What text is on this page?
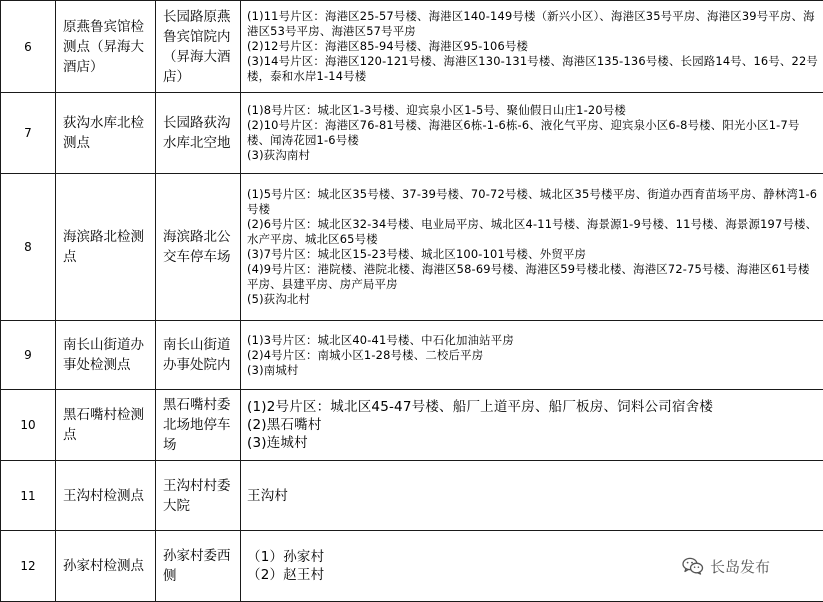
6	原燕鲁宾馆检测点（昇海大酒店）	长园路原燕鲁宾馆院内（昇海大酒店）	(1)11号片区：海港区25-57号楼、海港区140-149号楼（新兴小区）、海港区35号平房、海港区39号平房、海港区53号平房、海港区57号平房
(2)12号片区：海港区85-94号楼、海港区95-106号楼
(3)14号片区：海港区120-121号楼、海港区130-131号楼、海港区135-136号楼、长园路14号、16号、22号楼，泰和水岸1-14号楼

7	荻沟水库北检测点	长园路荻沟水库北空地	(1)8号片区：城北区1-3号楼、迎宾泉小区1-5号、聚仙假日山庄1-20号楼
(2)10号片区：海港区76-81号楼、海港区6栋-1-6栋-6、液化气平房、迎宾泉小区6-8号楼、阳光小区1-7号楼、闻涛花园1-6号楼
(3)荻沟南村

8	海滨路北检测点	海滨路北公交车停车场	(1)5号片区：城北区35号楼、37-39号楼、70-72号楼、城北区35号楼平房、街道办西育苗场平房、静林湾1-6号楼
(2)6号片区：城北区32-34号楼、电业局平房、城北区4-11号楼、海景源1-9号楼、11号楼、海景源197号楼、水产平房、城北区65号楼
(3)7号片区：城北区15-23号楼、城北区100-101号楼、外贸平房
(4)9号片区：港院楼、港院北楼、海港区58-69号楼、海港区59号楼北楼、海港区72-75号楼、海港区61号楼平房、县建平房、房产局平房
(5)荻沟北村

9	南长山街道办事处检测点	南长山街道办事处院内	(1)3号片区：城北区40-41号楼、中石化加油站平房
(2)4号片区：南城小区1-28号楼、二校后平房
(3)南城村

10	黑石嘴村检测点	黑石嘴村委北场地停车场	(1)2号片区：城北区45-47号楼、船厂上道平房、船厂板房、饲料公司宿舍楼
(2)黑石嘴村
(3)连城村

11	王沟村检测点	王沟村村委大院	王沟村

12	孙家村检测点	孙家村委西侧	（1）孙家村
（2）赵王村	长岛发布
